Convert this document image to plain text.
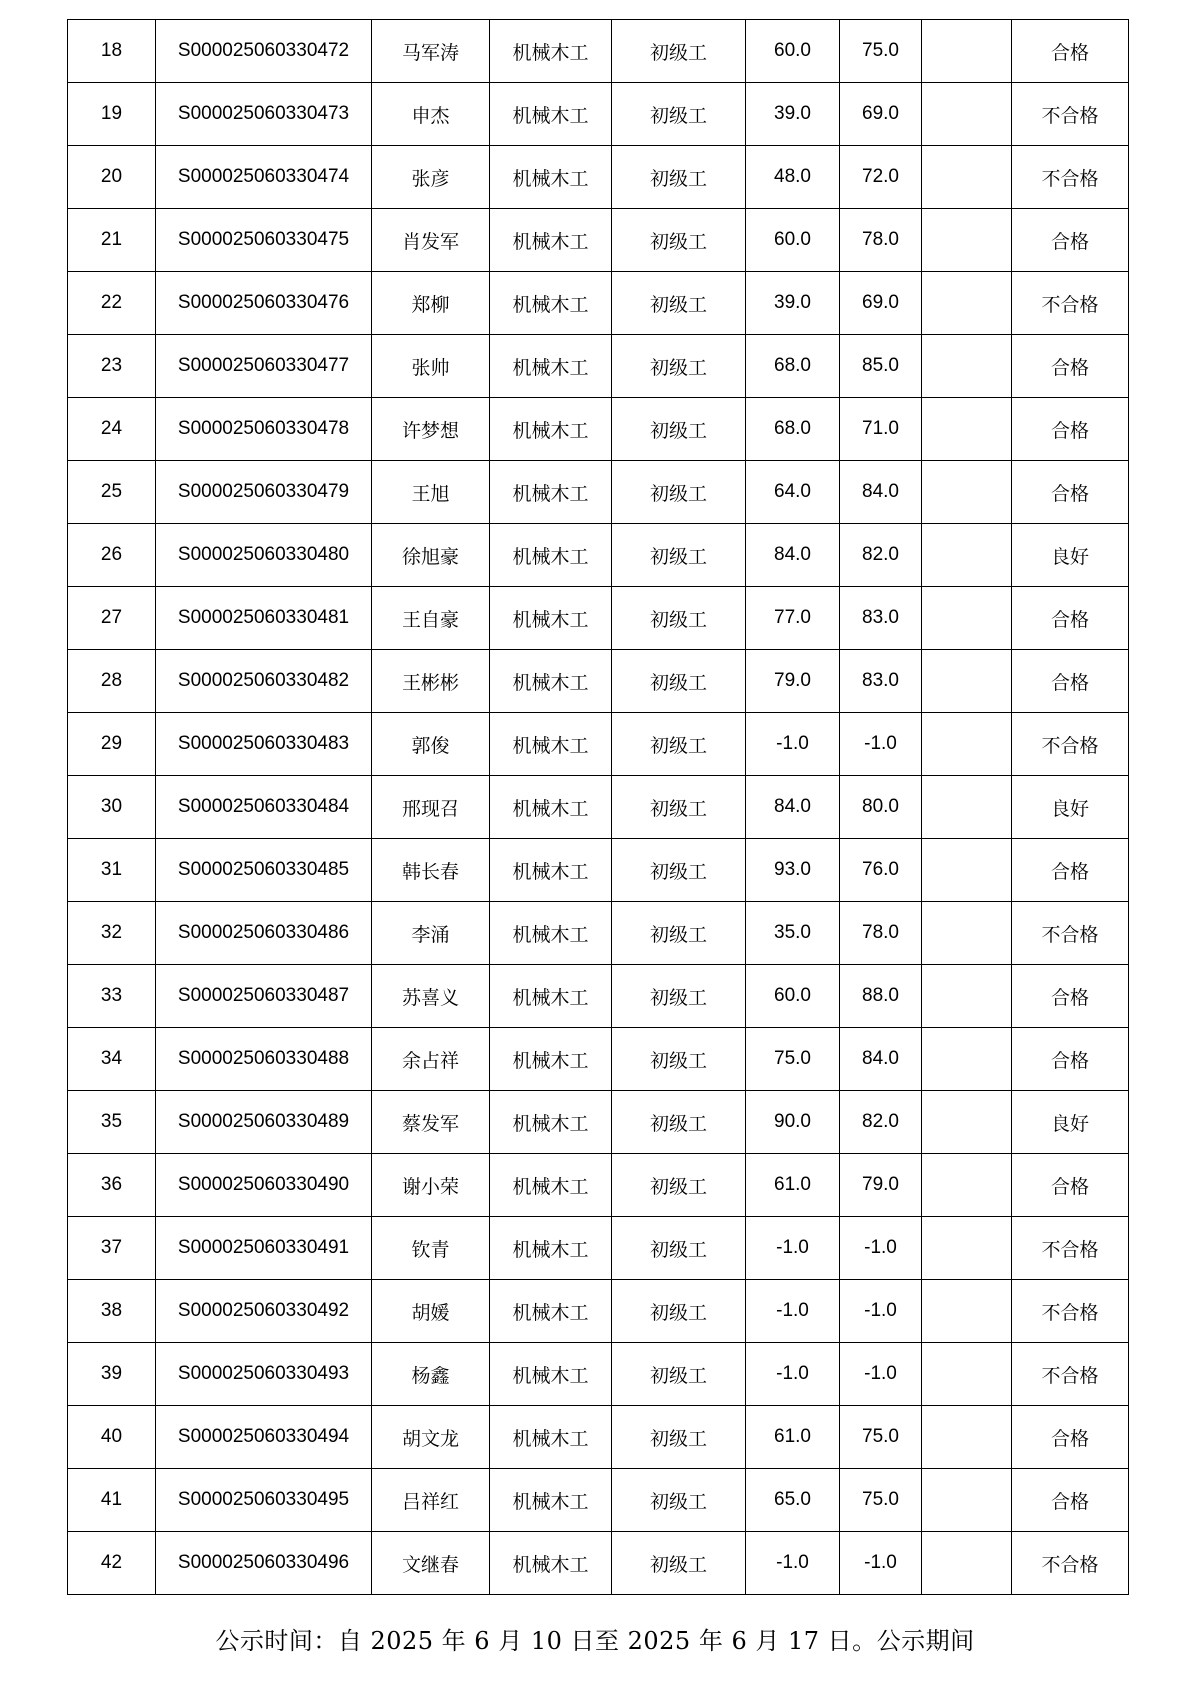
18	S000025060330472	马军涛	机械木工	初级工	60.0	75.0		合格
19	S000025060330473	申杰	机械木工	初级工	39.0	69.0		不合格
20	S000025060330474	张彦	机械木工	初级工	48.0	72.0		不合格
21	S000025060330475	肖发军	机械木工	初级工	60.0	78.0		合格
22	S000025060330476	郑柳	机械木工	初级工	39.0	69.0		不合格
23	S000025060330477	张帅	机械木工	初级工	68.0	85.0		合格
24	S000025060330478	许梦想	机械木工	初级工	68.0	71.0		合格
25	S000025060330479	王旭	机械木工	初级工	64.0	84.0		合格
26	S000025060330480	徐旭豪	机械木工	初级工	84.0	82.0		良好
27	S000025060330481	王自豪	机械木工	初级工	77.0	83.0		合格
28	S000025060330482	王彬彬	机械木工	初级工	79.0	83.0		合格
29	S000025060330483	郭俊	机械木工	初级工	-1.0	-1.0		不合格
30	S000025060330484	邢现召	机械木工	初级工	84.0	80.0		良好
31	S000025060330485	韩长春	机械木工	初级工	93.0	76.0		合格
32	S000025060330486	李涌	机械木工	初级工	35.0	78.0		不合格
33	S000025060330487	苏喜义	机械木工	初级工	60.0	88.0		合格
34	S000025060330488	余占祥	机械木工	初级工	75.0	84.0		合格
35	S000025060330489	蔡发军	机械木工	初级工	90.0	82.0		良好
36	S000025060330490	谢小荣	机械木工	初级工	61.0	79.0		合格
37	S000025060330491	钦青	机械木工	初级工	-1.0	-1.0		不合格
38	S000025060330492	胡媛	机械木工	初级工	-1.0	-1.0		不合格
39	S000025060330493	杨鑫	机械木工	初级工	-1.0	-1.0		不合格
40	S000025060330494	胡文龙	机械木工	初级工	61.0	75.0		合格
41	S000025060330495	吕祥红	机械木工	初级工	65.0	75.0		合格
42	S000025060330496	文继春	机械木工	初级工	-1.0	-1.0		不合格
公示时间：自 2025 年 6 月 10 日至 2025 年 6 月 17 日。公示期间
